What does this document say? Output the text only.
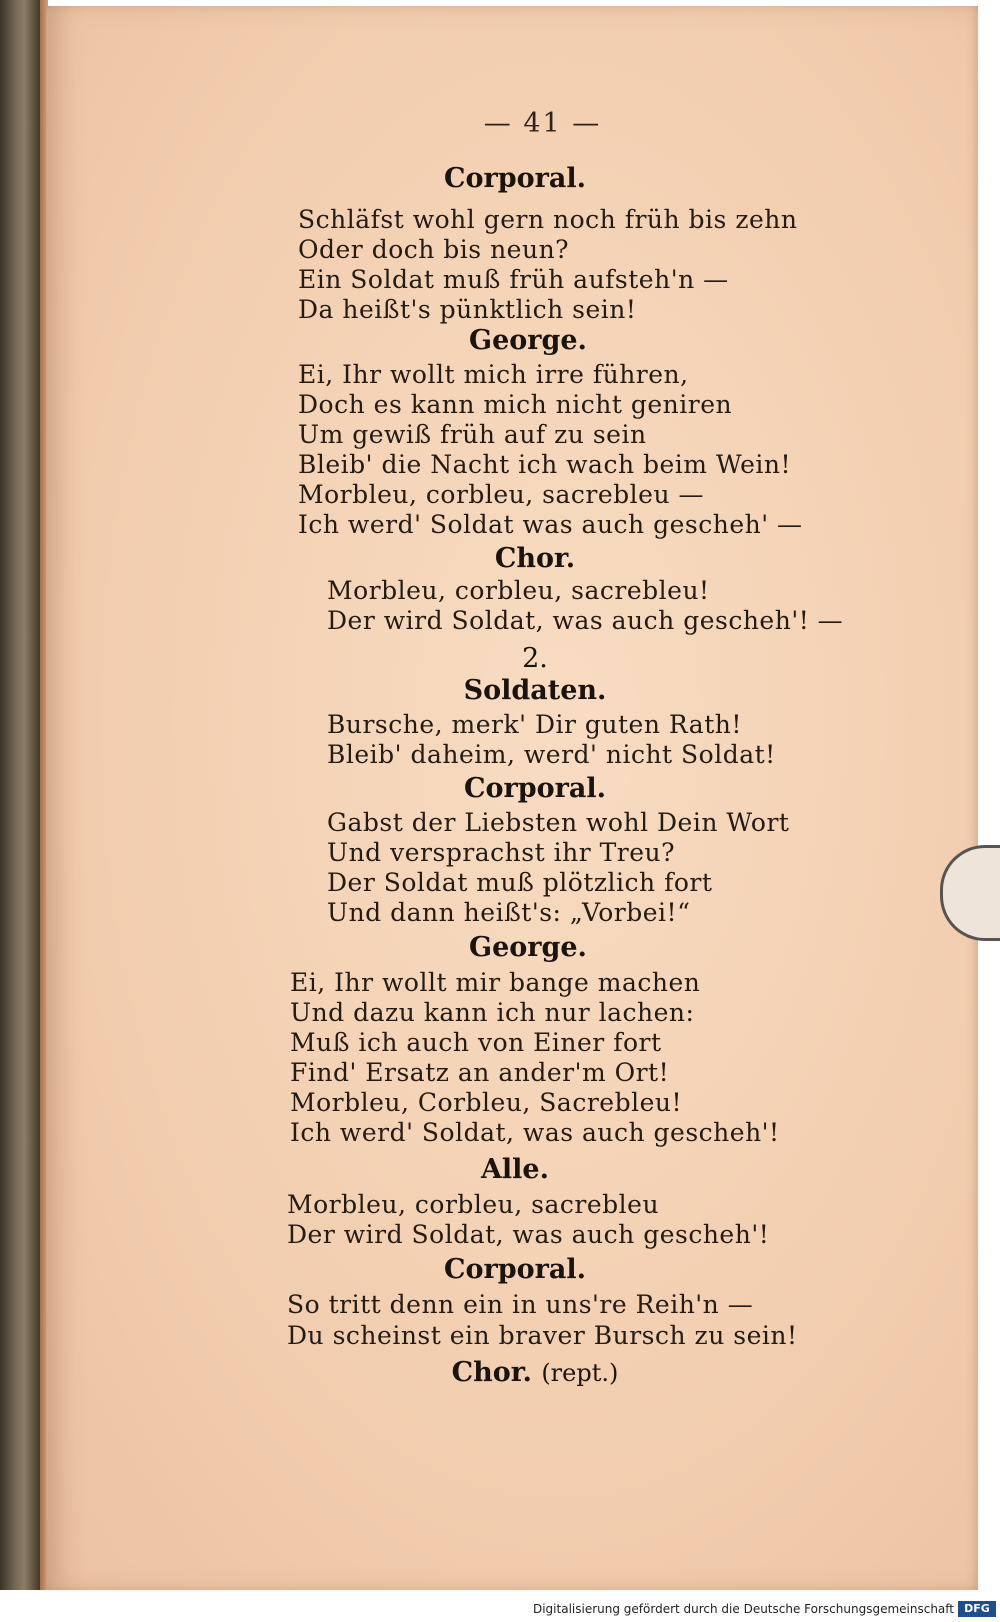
— 41 —
Corporal.
Schläfst wohl gern noch früh bis zehn
Oder doch bis neun?
Ein Soldat muß früh aufsteh'n —
Da heißt's pünktlich sein!
George.
Ei, Ihr wollt mich irre führen,
Doch es kann mich nicht geniren
Um gewiß früh auf zu sein
Bleib' die Nacht ich wach beim Wein!
Morbleu, corbleu, sacrebleu —
Ich werd' Soldat was auch gescheh' —
Chor.
Morbleu, corbleu, sacrebleu!
Der wird Soldat, was auch gescheh'! —
2.
Soldaten.
Bursche, merk' Dir guten Rath!
Bleib' daheim, werd' nicht Soldat!
Corporal.
Gabst der Liebsten wohl Dein Wort
Und versprachst ihr Treu?
Der Soldat muß plötzlich fort
Und dann heißt's: „Vorbei!“
George.
Ei, Ihr wollt mir bange machen
Und dazu kann ich nur lachen:
Muß ich auch von Einer fort
Find' Ersatz an ander'm Ort!
Morbleu, Corbleu, Sacrebleu!
Ich werd' Soldat, was auch gescheh'!
Alle.
Morbleu, corbleu, sacrebleu
Der wird Soldat, was auch gescheh'!
Corporal.
So tritt denn ein in uns're Reih'n —
Du scheinst ein braver Bursch zu sein!
Chor. (rept.)
Digitalisierung gefördert durch die Deutsche Forschungsgemeinschaft DFG
